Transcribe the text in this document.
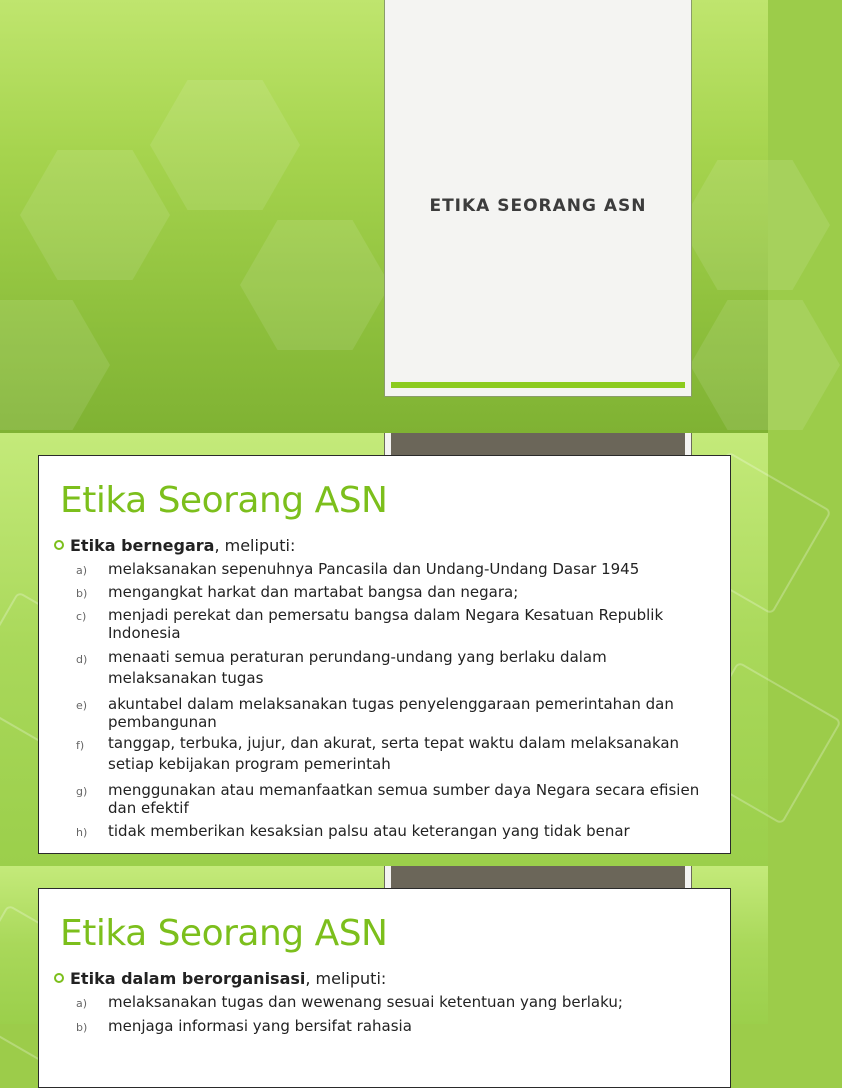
ETIKA SEORANG ASN
Etika Seorang ASN
Etika bernegara, meliputi:
a) melaksanakan sepenuhnya Pancasila dan Undang-Undang Dasar 1945
b) mengangkat harkat dan martabat bangsa dan negara;
c) menjadi perekat dan pemersatu bangsa dalam Negara Kesatuan Republik Indonesia
d) menaati semua peraturan perundang-undang yang berlaku dalam melaksanakan tugas
e) akuntabel dalam melaksanakan tugas penyelenggaraan pemerintahan dan pembangunan
f) tanggap, terbuka, jujur, dan akurat, serta tepat waktu dalam melaksanakan setiap kebijakan program pemerintah
g) menggunakan atau memanfaatkan semua sumber daya Negara secara efisien dan efektif
h) tidak memberikan kesaksian palsu atau keterangan yang tidak benar
Etika Seorang ASN
Etika dalam berorganisasi, meliputi:
a) melaksanakan tugas dan wewenang sesuai ketentuan yang berlaku;
b) menjaga informasi yang bersifat rahasia
